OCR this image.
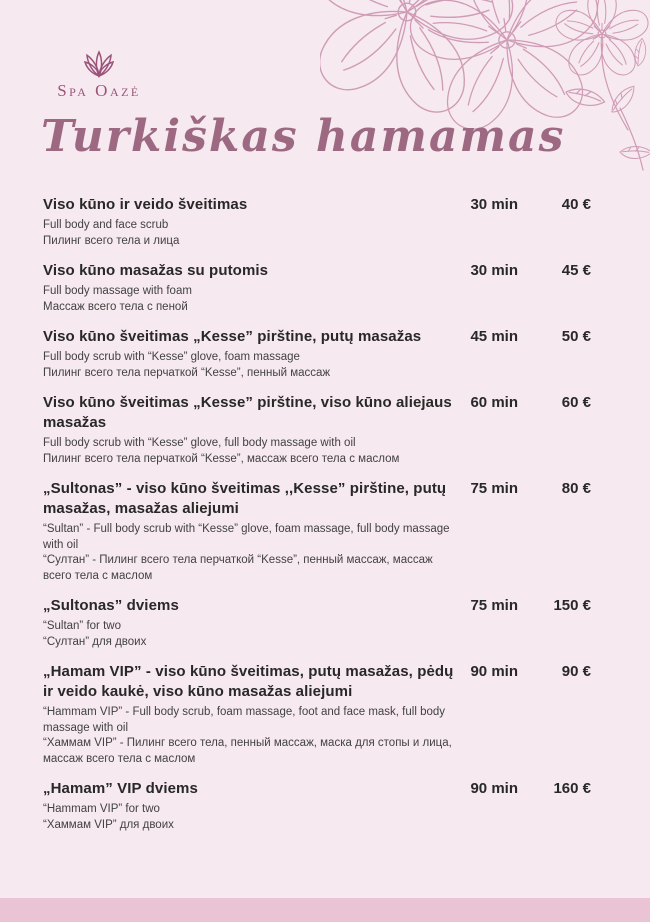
Spa Oazė
Turkiškas hamamas
Viso kūno ir veido šveitimas
Full body and face scrub
Пилинг всего тела и лица
30 min	40 €
Viso kūno masažas su putomis
Full body massage with foam
Массаж всего тела с пеной
30 min	45 €
Viso kūno šveitimas „Kesse” pirštine, putų masažas
Full body scrub with “Kesse” glove, foam massage
Пилинг всего тела перчаткой “Kesse”, пенный массаж
45 min	50 €
Viso kūno šveitimas „Kesse” pirštine, viso kūno aliejaus masažas
Full body scrub with “Kesse” glove, full body massage with oil
Пилинг всего тела перчаткой “Kesse”, массаж всего тела с маслом
60 min	60 €
„Sultonas” - viso kūno šveitimas ,,Kesse” pirštine, putų masažas, masažas aliejumi
“Sultan” - Full body scrub with “Kesse” glove, foam massage, full body massage with oil
“Султан” - Пилинг всего тела перчаткой “Kesse”, пенный массаж, массаж всего тела с маслом
75 min	80 €
„Sultonas” dviems
“Sultan” for two
“Султан” для двоих
75 min	150 €
„Hamam VIP” - viso kūno šveitimas, putų masažas, pėdų ir veido kaukė, viso kūno masažas aliejumi
“Hammam VIP” - Full body scrub, foam massage, foot and face mask, full body massage with oil
“Хаммам VIP” - Пилинг всего тела, пенный массаж, маска для стопы и лица, массаж всего тела с маслом
90 min	90 €
„Hamam” VIP dviems
“Hammam VIP” for two
“Хаммам VIP” для двоих
90 min	160 €
